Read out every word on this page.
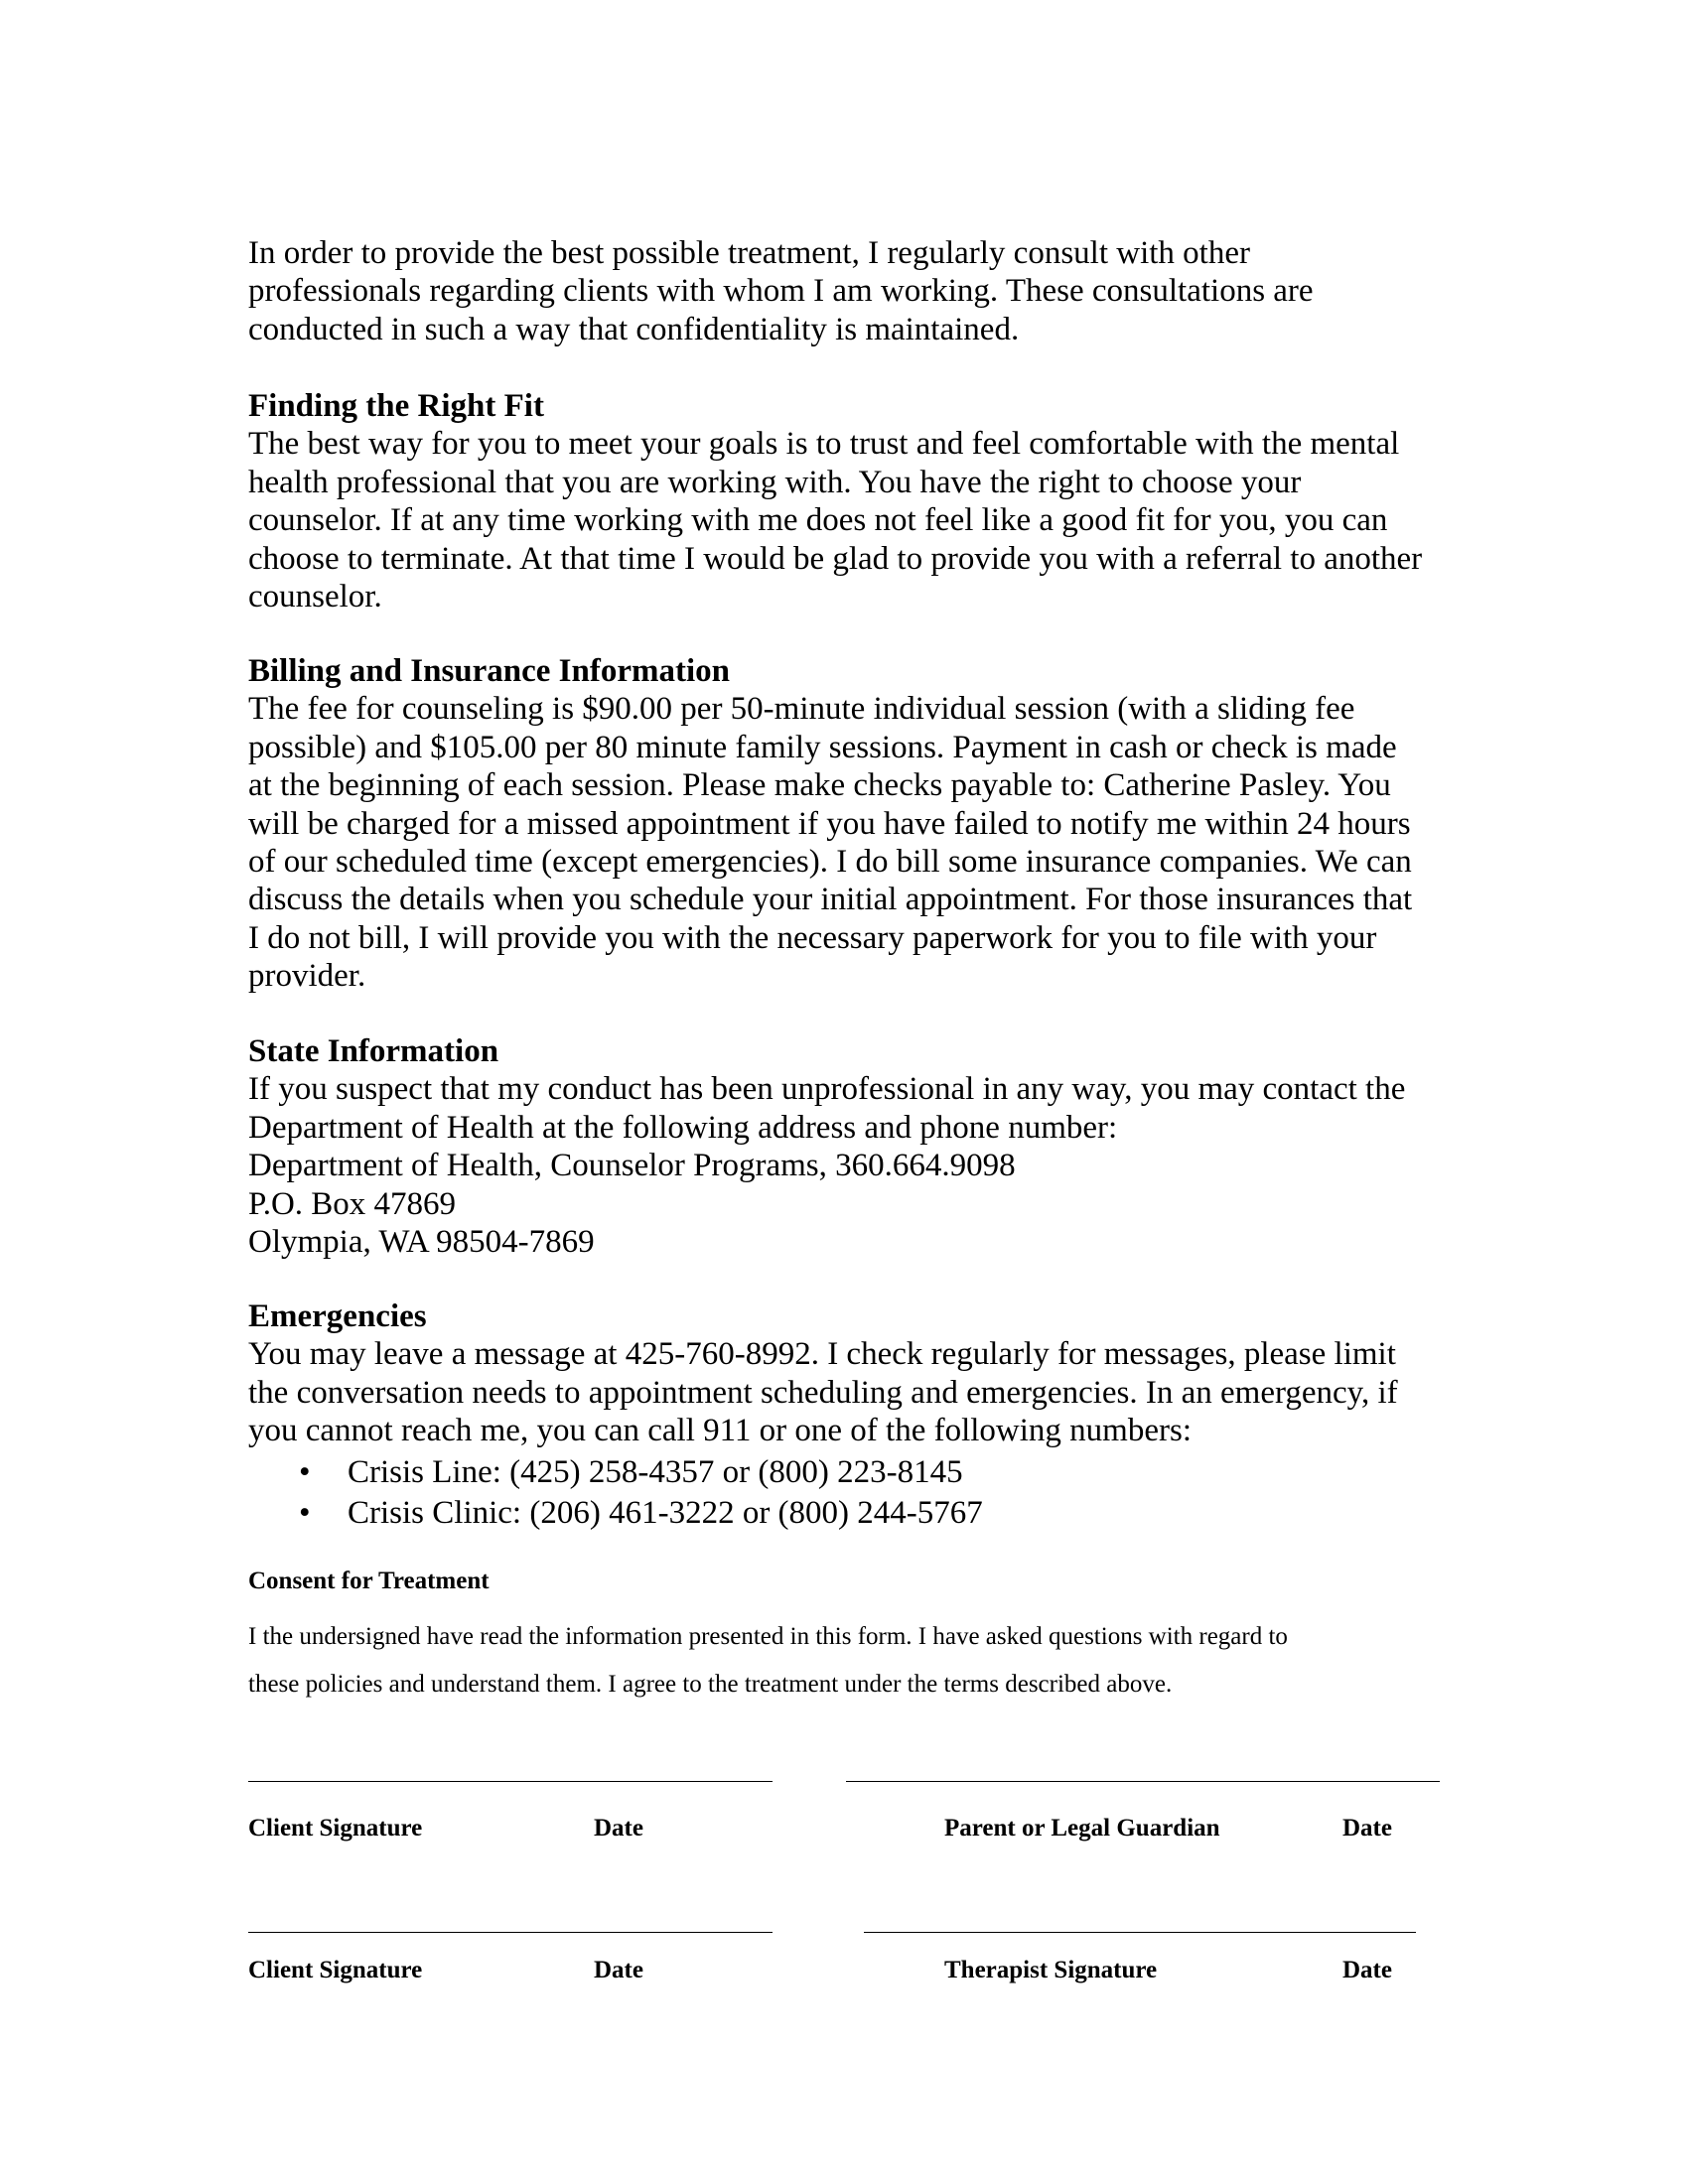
In order to provide the best possible treatment, I regularly consult with other

professionals regarding clients with whom I am working. These consultations are

conducted in such a way that confidentiality is maintained.

Finding the Right Fit

The best way for you to meet your goals is to trust and feel comfortable with the mental

health professional that you are working with. You have the right to choose your

counselor. If at any time working with me does not feel like a good fit for you, you can

choose to terminate. At that time I would be glad to provide you with a referral to another

counselor.

Billing and Insurance Information

The fee for counseling is $90.00 per 50-minute individual session (with a sliding fee

possible) and $105.00 per 80 minute family sessions. Payment in cash or check is made

at the beginning of each session. Please make checks payable to: Catherine Pasley. You

will be charged for a missed appointment if you have failed to notify me within 24 hours

of our scheduled time (except emergencies). I do bill some insurance companies. We can

discuss the details when you schedule your initial appointment. For those insurances that

I do not bill, I will provide you with the necessary paperwork for you to file with your

provider.

State Information

If you suspect that my conduct has been unprofessional in any way, you may contact the

Department of Health at the following address and phone number:

Department of Health, Counselor Programs, 360.664.9098

P.O. Box 47869

Olympia, WA 98504-7869

Emergencies

You may leave a message at 425-760-8992. I check regularly for messages, please limit

the conversation needs to appointment scheduling and emergencies. In an emergency, if

you cannot reach me, you can call 911 or one of the following numbers:

• Crisis Line: (425) 258-4357 or (800) 223-8145
• Crisis Clinic: (206) 461-3222 or (800) 244-5767

Consent for Treatment

I the undersigned have read the information presented in this form. I have asked questions with regard to
these policies and understand them. I agree to the treatment under the terms described above.

Client Signature	Date	Parent or Legal Guardian	Date
Client Signature	Date	Therapist Signature	Date
